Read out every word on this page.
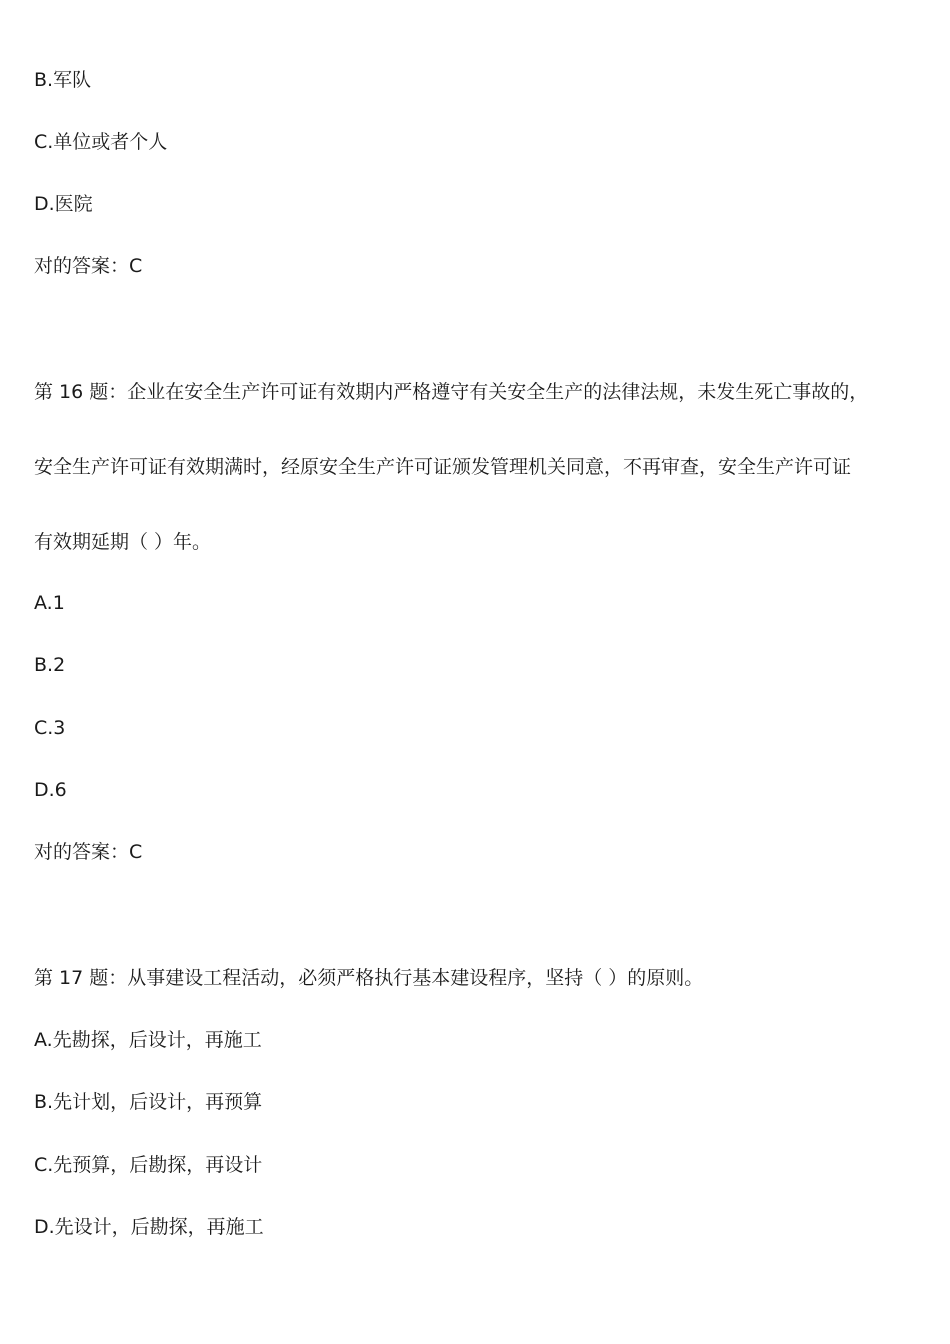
B.军队
C.单位或者个人
D.医院
对的答案：C
第 16 题：企业在安全生产许可证有效期内严格遵守有关安全生产的法律法规，未发生死亡事故的，
安全生产许可证有效期满时，经原安全生产许可证颁发管理机关同意，不再审查，安全生产许可证
有效期延期（ ）年。
A.1
B.2
C.3
D.6
对的答案：C
第 17 题：从事建设工程活动，必须严格执行基本建设程序，坚持（ ）的原则。
A.先勘探，后设计，再施工
B.先计划，后设计，再预算
C.先预算，后勘探，再设计
D.先设计，后勘探，再施工
